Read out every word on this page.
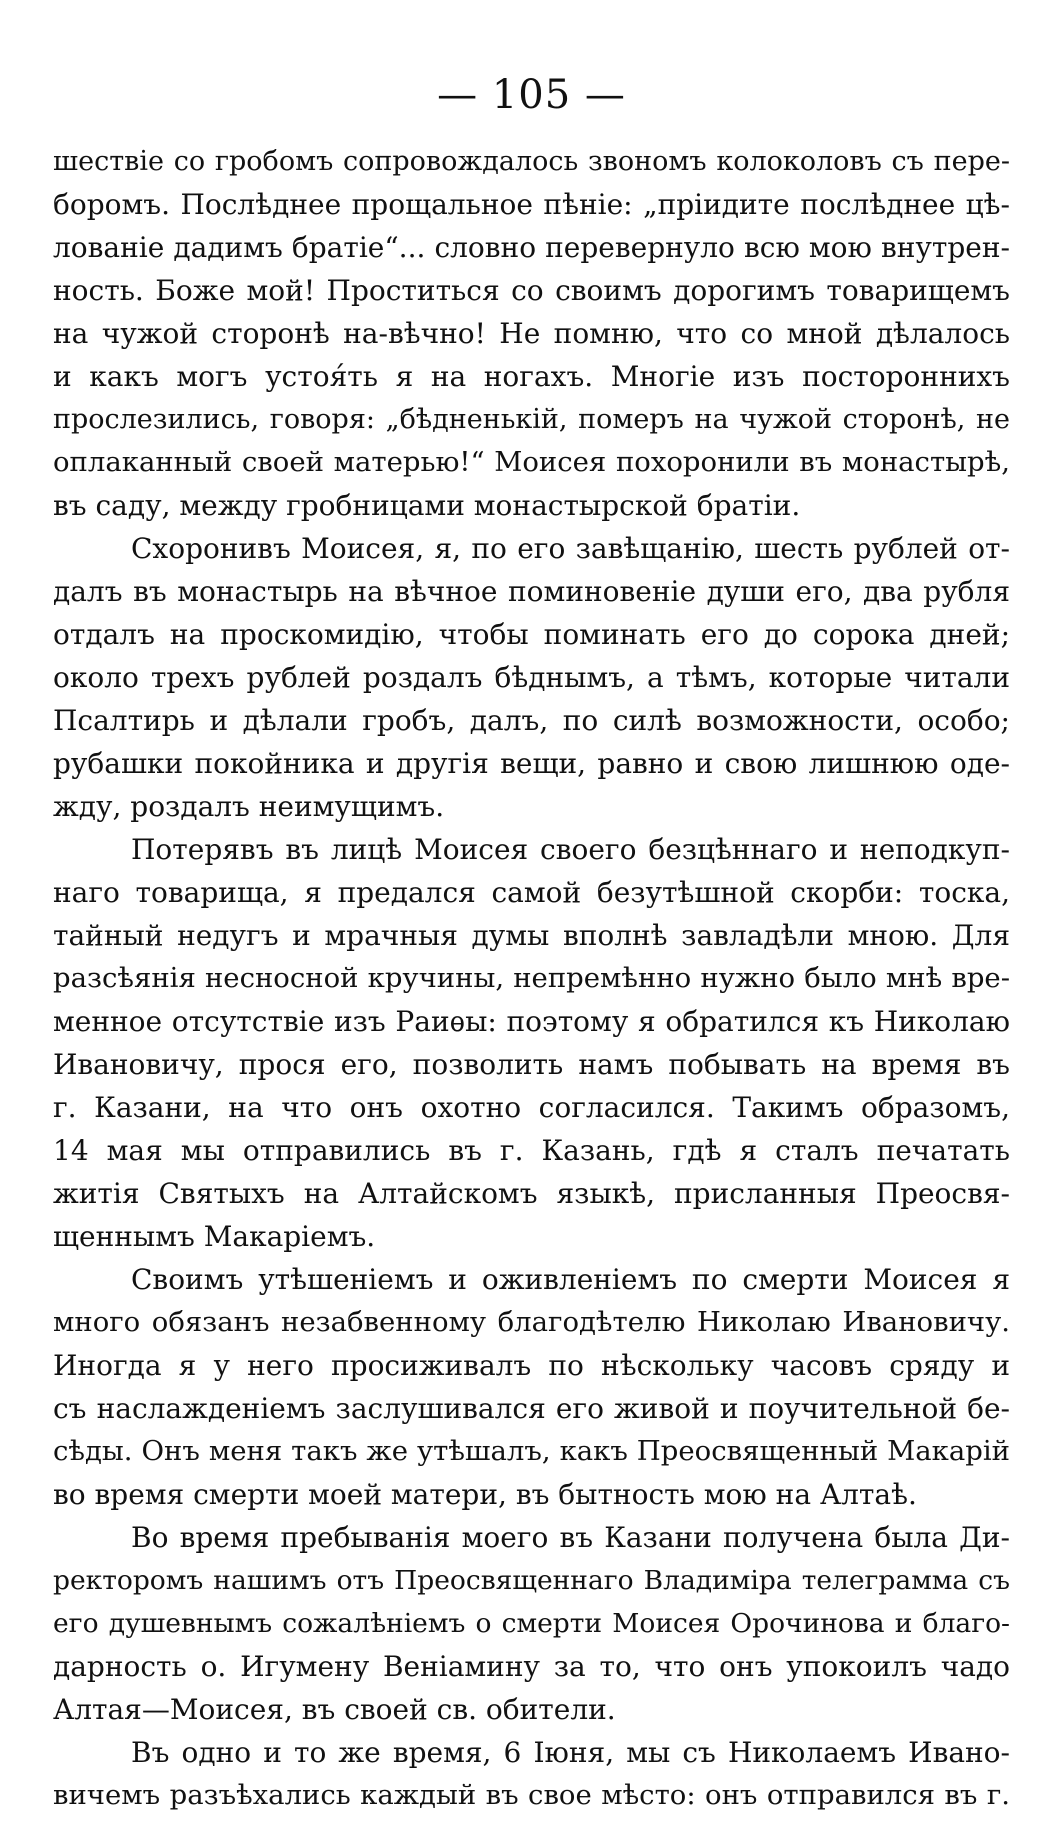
— 105 —
шествіе со гробомъ сопровождалось звономъ колоколовъ съ пере-
боромъ. Послѣднее прощальное пѣніе: „пріидите послѣднее цѣ-
лованіе дадимъ братіе“... словно перевернуло всю мою внутрен-
ность. Боже мой! Проститься со своимъ дорогимъ товарищемъ
на чужой сторонѣ на-вѣчно! Не помню, что со мной дѣлалось
и какъ могъ устоя́ть я на ногахъ. Многіе изъ постороннихъ
прослезились, говоря: „бѣдненькій, померъ на чужой сторонѣ, не
оплаканный своей матерью!“ Моисея похоронили въ монастырѣ,
въ саду, между гробницами монастырской братіи.
Схоронивъ Моисея, я, по его завѣщанію, шесть рублей от-
далъ въ монастырь на вѣчное поминовеніе души его, два рубля
отдалъ на проскомидію, чтобы поминать его до сорока дней;
около трехъ рублей роздалъ бѣднымъ, а тѣмъ, которые читали
Псалтирь и дѣлали гробъ, далъ, по силѣ возможности, особо;
рубашки покойника и другія вещи, равно и свою лишнюю оде-
жду, роздалъ неимущимъ.
Потерявъ въ лицѣ Моисея своего безцѣннаго и неподкуп-
наго товарища, я предался самой безутѣшной скорби: тоска,
тайный недугъ и мрачныя думы вполнѣ завладѣли мною. Для
разсѣянія несносной кручины, непремѣнно нужно было мнѣ вре-
менное отсутствіе изъ Раиѳы: поэтому я обратился къ Николаю
Ивановичу, прося его, позволить намъ побывать на время въ
г. Казани, на что онъ охотно согласился. Такимъ образомъ,
14 мая мы отправились въ г. Казань, гдѣ я сталъ печатать
житія Святыхъ на Алтайскомъ языкѣ, присланныя Преосвя-
щеннымъ Макаріемъ.
Своимъ утѣшеніемъ и оживленіемъ по смерти Моисея я
много обязанъ незабвенному благодѣтелю Николаю Ивановичу.
Иногда я у него просиживалъ по нѣскольку часовъ сряду и
съ наслажденіемъ заслушивался его живой и поучительной бе-
сѣды. Онъ меня такъ же утѣшалъ, какъ Преосвященный Макарій
во время смерти моей матери, въ бытность мою на Алтаѣ.
Во время пребыванія моего въ Казани получена была Ди-
ректоромъ нашимъ отъ Преосвященнаго Владиміра телеграмма съ
его душевнымъ сожалѣніемъ о смерти Моисея Орочинова и благо-
дарность о. Игумену Веніамину за то, что онъ упокоилъ чадо
Алтая—Моисея, въ своей св. обители.
Въ одно и то же время, 6 Іюня, мы съ Николаемъ Ивано-
вичемъ разъѣхались каждый въ свое мѣсто: онъ отправился въ г.
